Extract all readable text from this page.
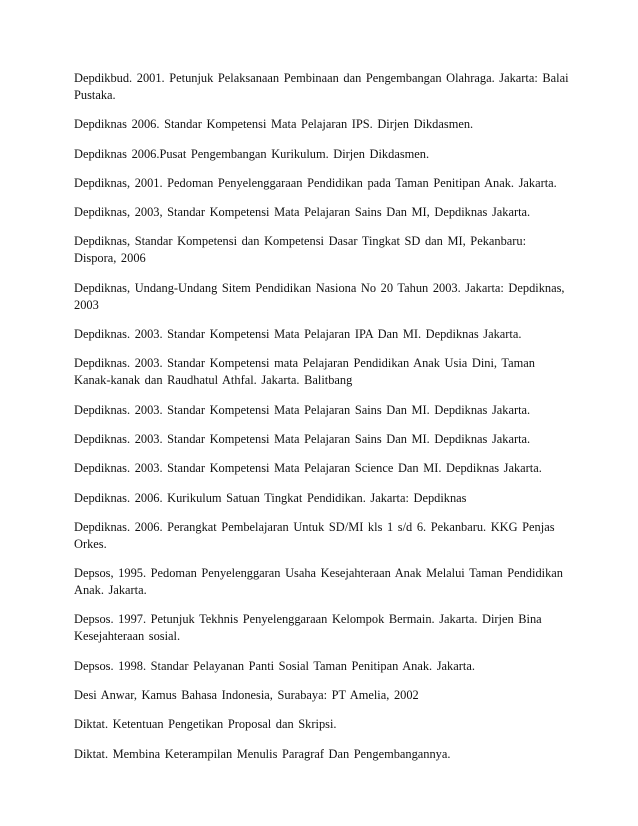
Depdikbud. 2001. Petunjuk Pelaksanaan Pembinaan dan Pengembangan Olahraga. Jakarta: Balai
Pustaka.
Depdiknas 2006. Standar Kompetensi Mata Pelajaran IPS. Dirjen Dikdasmen.
Depdiknas 2006.Pusat Pengembangan Kurikulum. Dirjen Dikdasmen.
Depdiknas, 2001. Pedoman Penyelenggaraan Pendidikan pada Taman Penitipan Anak. Jakarta.
Depdiknas, 2003, Standar Kompetensi Mata Pelajaran Sains Dan MI, Depdiknas Jakarta.
Depdiknas, Standar Kompetensi dan Kompetensi Dasar Tingkat SD dan MI, Pekanbaru:
Dispora, 2006
Depdiknas, Undang-Undang Sitem Pendidikan Nasiona No 20 Tahun 2003. Jakarta: Depdiknas,
2003
Depdiknas. 2003. Standar Kompetensi Mata Pelajaran IPA Dan MI. Depdiknas Jakarta.
Depdiknas. 2003. Standar Kompetensi mata Pelajaran Pendidikan Anak Usia Dini, Taman
Kanak-kanak dan Raudhatul Athfal. Jakarta. Balitbang
Depdiknas. 2003. Standar Kompetensi Mata Pelajaran Sains Dan MI. Depdiknas Jakarta.
Depdiknas. 2003. Standar Kompetensi Mata Pelajaran Sains Dan MI. Depdiknas Jakarta.
Depdiknas. 2003. Standar Kompetensi Mata Pelajaran Science Dan MI. Depdiknas Jakarta.
Depdiknas. 2006. Kurikulum Satuan Tingkat Pendidikan. Jakarta: Depdiknas
Depdiknas. 2006. Perangkat Pembelajaran Untuk SD/MI kls 1 s/d 6. Pekanbaru. KKG Penjas
Orkes.
Depsos, 1995. Pedoman Penyelenggaran Usaha Kesejahteraan Anak Melalui Taman Pendidikan
Anak. Jakarta.
Depsos. 1997. Petunjuk Tekhnis Penyelenggaraan Kelompok Bermain. Jakarta. Dirjen Bina
Kesejahteraan sosial.
Depsos. 1998. Standar Pelayanan Panti Sosial Taman Penitipan Anak. Jakarta.
Desi Anwar, Kamus Bahasa Indonesia, Surabaya: PT Amelia, 2002
Diktat. Ketentuan Pengetikan Proposal dan Skripsi.
Diktat. Membina Keterampilan Menulis Paragraf Dan Pengembangannya.
